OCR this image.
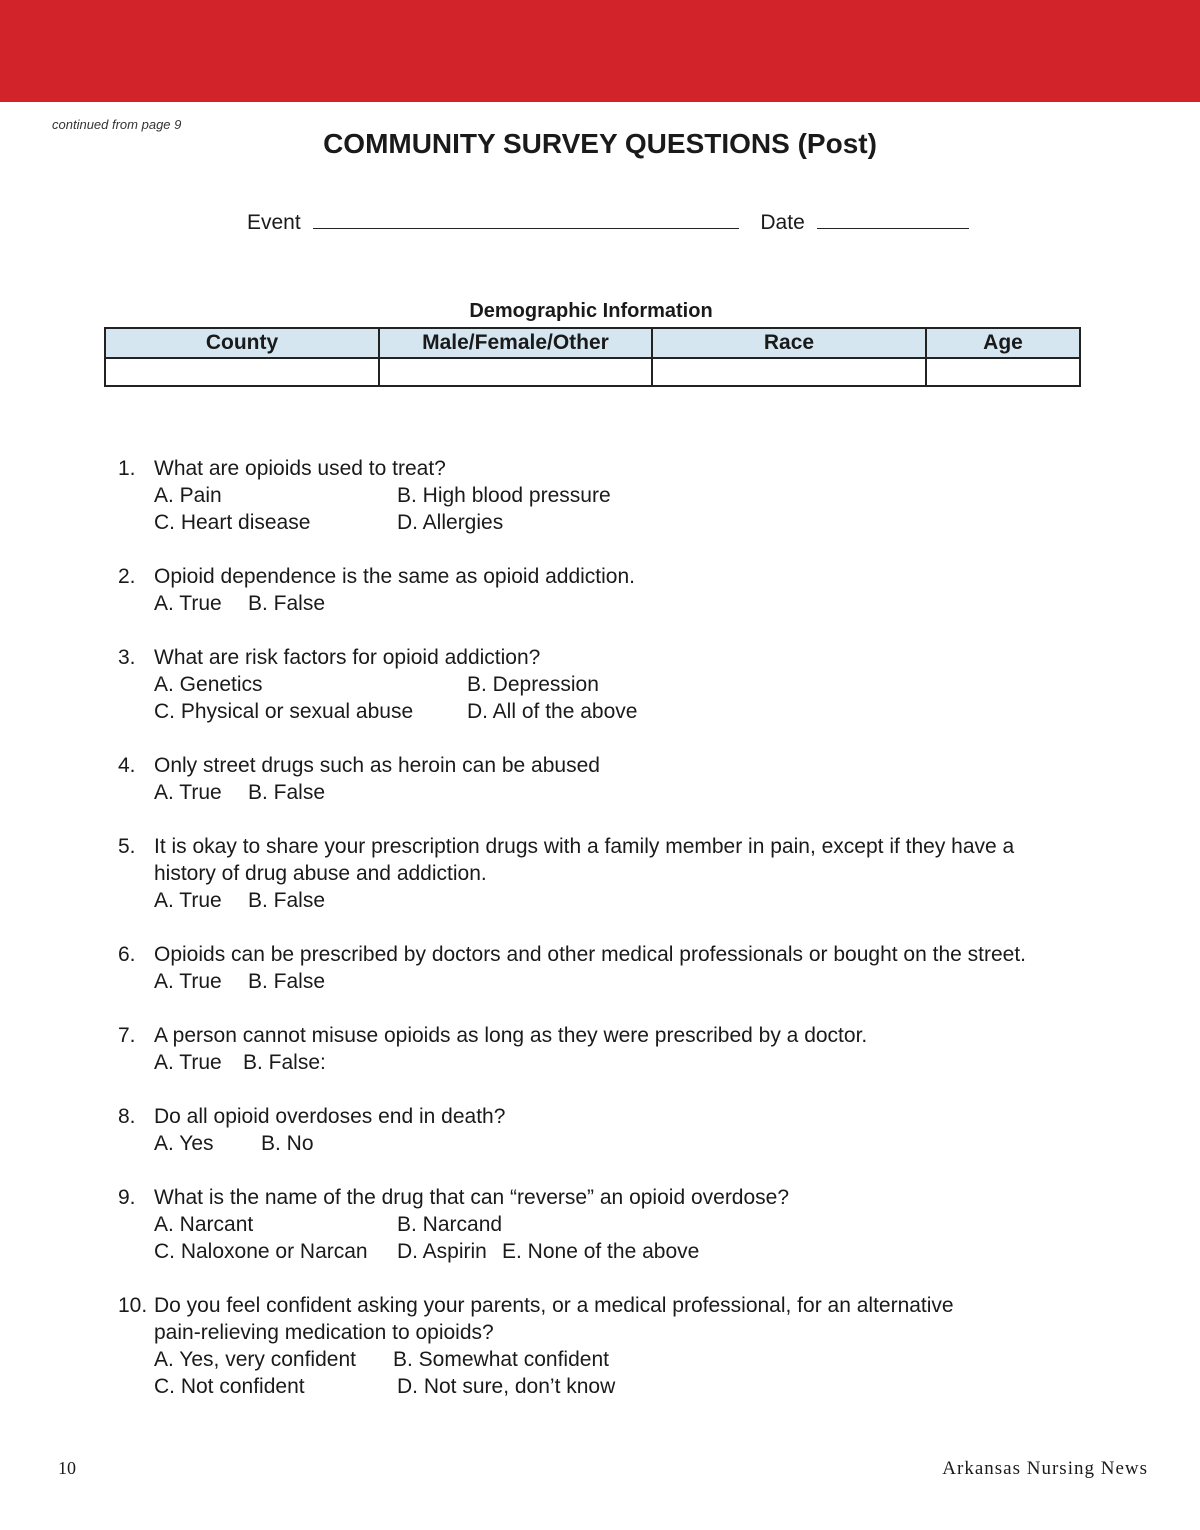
continued from page 9
COMMUNITY SURVEY QUESTIONS (Post)
Event	Date
Demographic Information
County	Male/Female/Other	Race	Age

1. What are opioids used to treat?
A. Pain	B. High blood pressure
C. Heart disease	D. Allergies
2. Opioid dependence is the same as opioid addiction.
A. True B. False
3. What are risk factors for opioid addiction?
A. Genetics	B. Depression
C. Physical or sexual abuse	D. All of the above
4. Only street drugs such as heroin can be abused
A. True B. False
5. It is okay to share your prescription drugs with a family member in pain, except if they have a
history of drug abuse and addiction.
A. True B. False
6. Opioids can be prescribed by doctors and other medical professionals or bought on the street.
A. True B. False
7. A person cannot misuse opioids as long as they were prescribed by a doctor.
A. True B. False:
8. Do all opioid overdoses end in death?
A. Yes B. No
9. What is the name of the drug that can “reverse” an opioid overdose?
A. Narcant	B. Narcand
C. Naloxone or Narcan D. Aspirin E. None of the above
10. Do you feel confident asking your parents, or a medical professional, for an alternative
pain-relieving medication to opioids?
A. Yes, very confident B. Somewhat confident
C. Not confident	D. Not sure, don’t know
10	Arkansas Nursing News
